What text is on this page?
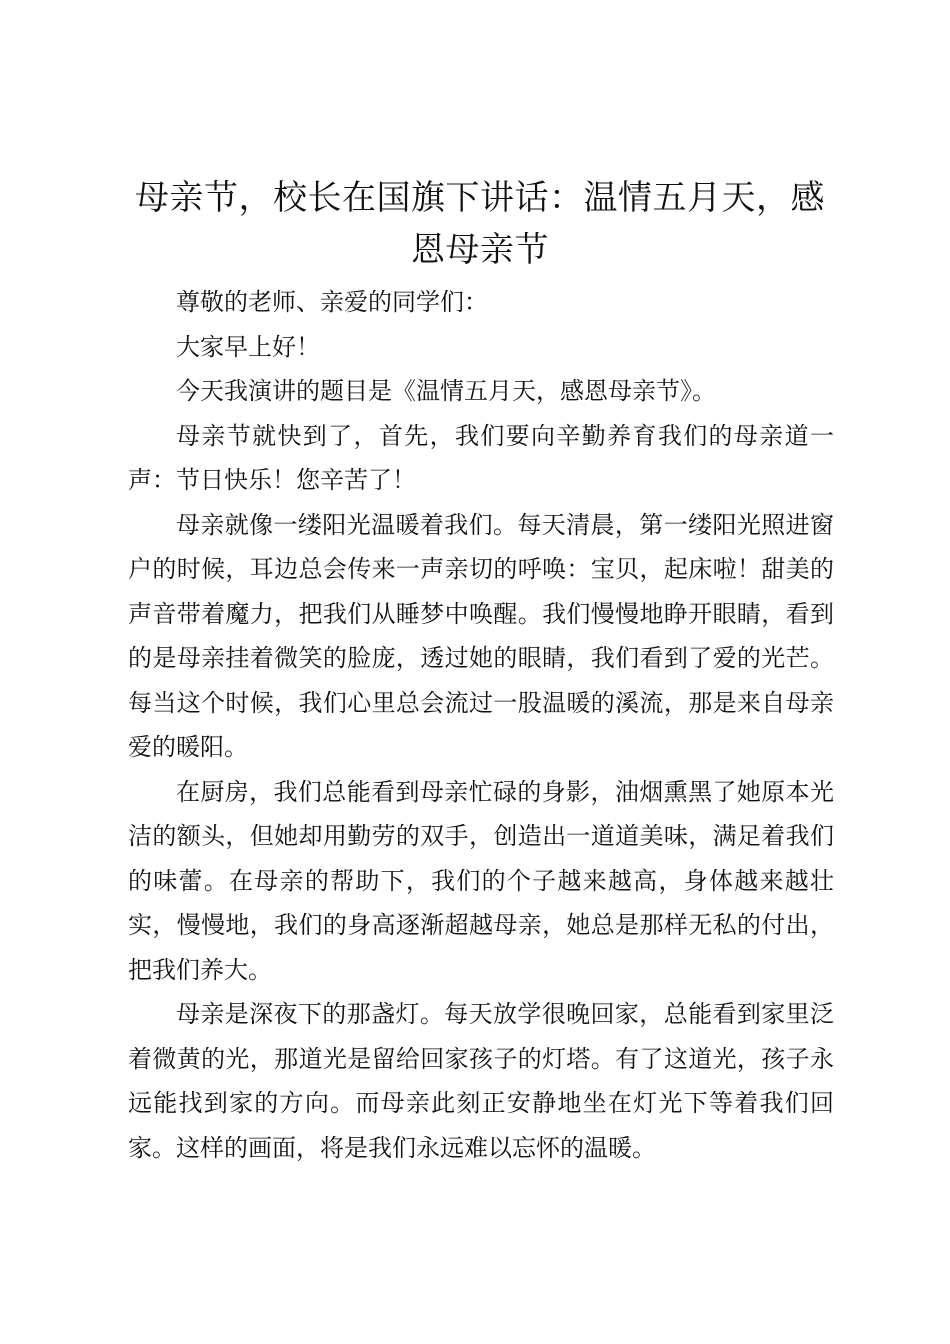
母亲节，校长在国旗下讲话：温情五月天，感恩母亲节

尊敬的老师、亲爱的同学们：

大家早上好！

今天我演讲的题目是《温情五月天，感恩母亲节》。

母亲节就快到了，首先，我们要向辛勤养育我们的母亲道一声：节日快乐！您辛苦了！

母亲就像一缕阳光温暖着我们。每天清晨，第一缕阳光照进窗户的时候，耳边总会传来一声亲切的呼唤：宝贝，起床啦！甜美的声音带着魔力，把我们从睡梦中唤醒。我们慢慢地睁开眼睛，看到的是母亲挂着微笑的脸庞，透过她的眼睛，我们看到了爱的光芒。每当这个时候，我们心里总会流过一股温暖的溪流，那是来自母亲爱的暖阳。

在厨房，我们总能看到母亲忙碌的身影，油烟熏黑了她原本光洁的额头，但她却用勤劳的双手，创造出一道道美味，满足着我们的味蕾。在母亲的帮助下，我们的个子越来越高，身体越来越壮实，慢慢地，我们的身高逐渐超越母亲，她总是那样无私的付出，把我们养大。

母亲是深夜下的那盏灯。每天放学很晚回家，总能看到家里泛着微黄的光，那道光是留给回家孩子的灯塔。有了这道光，孩子永远能找到家的方向。而母亲此刻正安静地坐在灯光下等着我们回家。这样的画面，将是我们永远难以忘怀的温暖。
